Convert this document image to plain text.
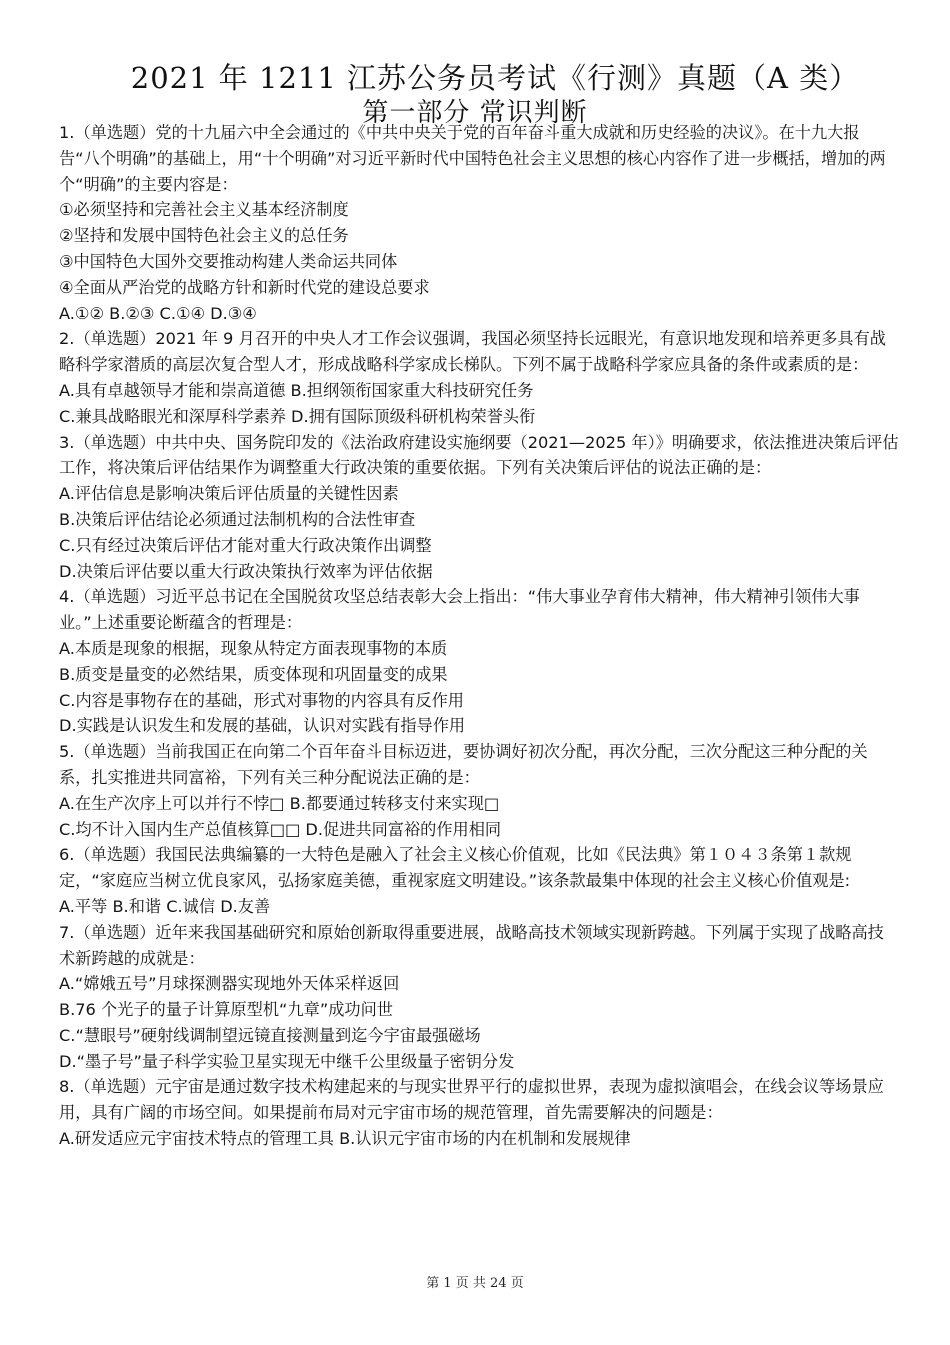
2021 年 1211 江苏公务员考试《行测》真题（A 类）
第一部分 常识判断
1.（单选题）党的十九届六中全会通过的《中共中央关于党的百年奋斗重大成就和历史经验的决议》。在十九大报告“八个明确”的基础上，用“十个明确”对习近平新时代中国特色社会主义思想的核心内容作了进一步概括，增加的两个“明确”的主要内容是：
①必须坚持和完善社会主义基本经济制度
②坚持和发展中国特色社会主义的总任务
③中国特色大国外交要推动构建人类命运共同体
④全面从严治党的战略方针和新时代党的建设总要求
A.①② B.②③ C.①④ D.③④
2.（单选题）2021 年 9 月召开的中央人才工作会议强调，我国必须坚持长远眼光，有意识地发现和培养更多具有战略科学家潜质的高层次复合型人才，形成战略科学家成长梯队。下列不属于战略科学家应具备的条件或素质的是：
A.具有卓越领导才能和崇高道德 B.担纲领衔国家重大科技研究任务
C.兼具战略眼光和深厚科学素养 D.拥有国际顶级科研机构荣誉头衔
3.（单选题）中共中央、国务院印发的《法治政府建设实施纲要（2021—2025 年）》明确要求，依法推进决策后评估工作，将决策后评估结果作为调整重大行政决策的重要依据。下列有关决策后评估的说法正确的是：
A.评估信息是影响决策后评估质量的关键性因素
B.决策后评估结论必须通过法制机构的合法性审查
C.只有经过决策后评估才能对重大行政决策作出调整
D.决策后评估要以重大行政决策执行效率为评估依据
4.（单选题）习近平总书记在全国脱贫攻坚总结表彰大会上指出：“伟大事业孕育伟大精神，伟大精神引领伟大事业。”上述重要论断蕴含的哲理是：
A.本质是现象的根据，现象从特定方面表现事物的本质
B.质变是量变的必然结果，质变体现和巩固量变的成果
C.内容是事物存在的基础，形式对事物的内容具有反作用
D.实践是认识发生和发展的基础，认识对实践有指导作用
5.（单选题）当前我国正在向第二个百年奋斗目标迈进，要协调好初次分配，再次分配，三次分配这三种分配的关系，扎实推进共同富裕，下列有关三种分配说法正确的是：
A.在生产次序上可以并行不悖□ B.都要通过转移支付来实现□
C.均不计入国内生产总值核算□□ D.促进共同富裕的作用相同
6.（单选题）我国民法典编纂的一大特色是融入了社会主义核心价值观，比如《民法典》第１０４３条第１款规定，“家庭应当树立优良家风，弘扬家庭美德，重视家庭文明建设。”该条款最集中体现的社会主义核心价值观是:
A.平等 B.和谐 C.诚信 D.友善
7.（单选题）近年来我国基础研究和原始创新取得重要进展，战略高技术领域实现新跨越。下列属于实现了战略高技术新跨越的成就是：
A.“嫦娥五号”月球探测器实现地外天体采样返回
B.76 个光子的量子计算原型机“九章”成功问世
C.“慧眼号”硬射线调制望远镜直接测量到迄今宇宙最强磁场
D.“墨子号”量子科学实验卫星实现无中继千公里级量子密钥分发
8.（单选题）元宇宙是通过数字技术构建起来的与现实世界平行的虚拟世界，表现为虚拟演唱会，在线会议等场景应用，具有广阔的市场空间。如果提前布局对元宇宙市场的规范管理，首先需要解决的问题是：
A.研发适应元宇宙技术特点的管理工具 B.认识元宇宙市场的内在机制和发展规律
第 1 页 共 24 页
